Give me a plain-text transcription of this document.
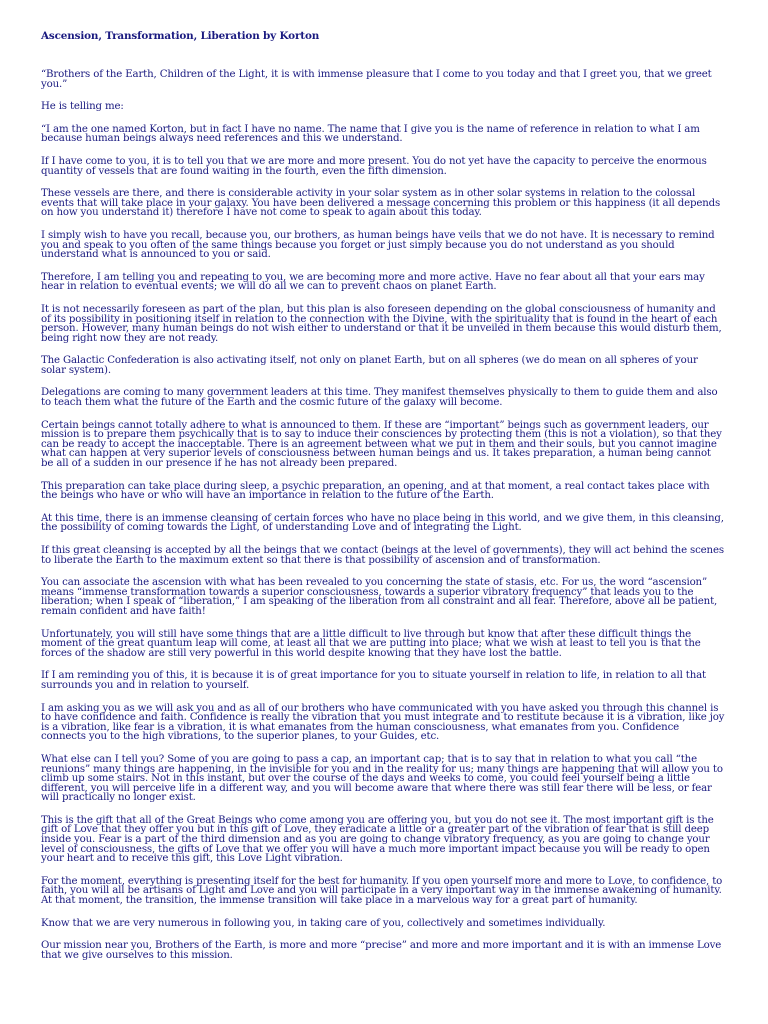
Ascension, Transformation, Liberation by Korton

“Brothers of the Earth, Children of the Light, it is with immense pleasure that I come to you today and that I greet you, that we greet you.”

He is telling me:

“I am the one named Korton, but in fact I have no name. The name that I give you is the name of reference in relation to what I am because human beings always need references and this we understand.

If I have come to you, it is to tell you that we are more and more present. You do not yet have the capacity to perceive the enormous quantity of vessels that are found waiting in the fourth, even the fifth dimension.

These vessels are there, and there is considerable activity in your solar system as in other solar systems in relation to the colossal events that will take place in your galaxy. You have been delivered a message concerning this problem or this happiness (it all depends on how you understand it) therefore I have not come to speak to again about this today.

I simply wish to have you recall, because you, our brothers, as human beings have veils that we do not have. It is necessary to remind you and speak to you often of the same things because you forget or just simply because you do not understand as you should understand what is announced to you or said.

Therefore, I am telling you and repeating to you, we are becoming more and more active. Have no fear about all that your ears may hear in relation to eventual events; we will do all we can to prevent chaos on planet Earth.

It is not necessarily foreseen as part of the plan, but this plan is also foreseen depending on the global consciousness of humanity and of its possibility in positioning itself in relation to the connection with the Divine, with the spirituality that is found in the heart of each person. However, many human beings do not wish either to understand or that it be unveiled in them because this would disturb them, being right now they are not ready.

The Galactic Confederation is also activating itself, not only on planet Earth, but on all spheres (we do mean on all spheres of your solar system).

Delegations are coming to many government leaders at this time. They manifest themselves physically to them to guide them and also to teach them what the future of the Earth and the cosmic future of the galaxy will become.

Certain beings cannot totally adhere to what is announced to them. If these are “important” beings such as government leaders, our mission is to prepare them psychically that is to say to induce their consciences by protecting them (this is not a violation), so that they can be ready to accept the inacceptable. There is an agreement between what we put in them and their souls, but you cannot imagine what can happen at very superior levels of consciousness between human beings and us. It takes preparation, a human being cannot be all of a sudden in our presence if he has not already been prepared.

This preparation can take place during sleep, a psychic preparation, an opening, and at that moment, a real contact takes place with the beings who have or who will have an importance in relation to the future of the Earth.

At this time, there is an immense cleansing of certain forces who have no place being in this world, and we give them, in this cleansing, the possibility of coming towards the Light, of understanding Love and of integrating the Light.

If this great cleansing is accepted by all the beings that we contact (beings at the level of governments), they will act behind the scenes to liberate the Earth to the maximum extent so that there is that possibility of ascension and of transformation.

You can associate the ascension with what has been revealed to you concerning the state of stasis, etc. For us, the word “ascension” means “immense transformation towards a superior consciousness, towards a superior vibratory frequency” that leads you to the liberation; when I speak of “liberation,” I am speaking of the liberation from all constraint and all fear. Therefore, above all be patient, remain confident and have faith!

Unfortunately, you will still have some things that are a little difficult to live through but know that after these difficult things the moment of the great quantum leap will come, at least all that we are putting into place; what we wish at least to tell you is that the forces of the shadow are still very powerful in this world despite knowing that they have lost the battle.

If I am reminding you of this, it is because it is of great importance for you to situate yourself in relation to life, in relation to all that surrounds you and in relation to yourself.

I am asking you as we will ask you and as all of our brothers who have communicated with you have asked you through this channel is to have confidence and faith. Confidence is really the vibration that you must integrate and to restitute because it is a vibration, like joy is a vibration, like fear is a vibration, it is what emanates from the human consciousness, what emanates from you. Confidence connects you to the high vibrations, to the superior planes, to your Guides, etc.

What else can I tell you? Some of you are going to pass a cap, an important cap; that is to say that in relation to what you call “the reunions” many things are happening, in the invisible for you and in the reality for us; many things are happening that will allow you to climb up some stairs. Not in this instant, but over the course of the days and weeks to come, you could feel yourself being a little different, you will perceive life in a different way, and you will become aware that where there was still fear there will be less, or fear will practically no longer exist.

This is the gift that all of the Great Beings who come among you are offering you, but you do not see it. The most important gift is the gift of Love that they offer you but in this gift of Love, they eradicate a little or a greater part of the vibration of fear that is still deep inside you. Fear is a part of the third dimension and as you are going to change vibratory frequency, as you are going to change your level of consciousness, the gifts of Love that we offer you will have a much more important impact because you will be ready to open your heart and to receive this gift, this Love Light vibration.

For the moment, everything is presenting itself for the best for humanity. If you open yourself more and more to Love, to confidence, to faith, you will all be artisans of Light and Love and you will participate in a very important way in the immense awakening of humanity. At that moment, the transition, the immense transition will take place in a marvelous way for a great part of humanity.

Know that we are very numerous in following you, in taking care of you, collectively and sometimes individually.

Our mission near you, Brothers of the Earth, is more and more “precise” and more and more important and it is with an immense Love that we give ourselves to this mission.
